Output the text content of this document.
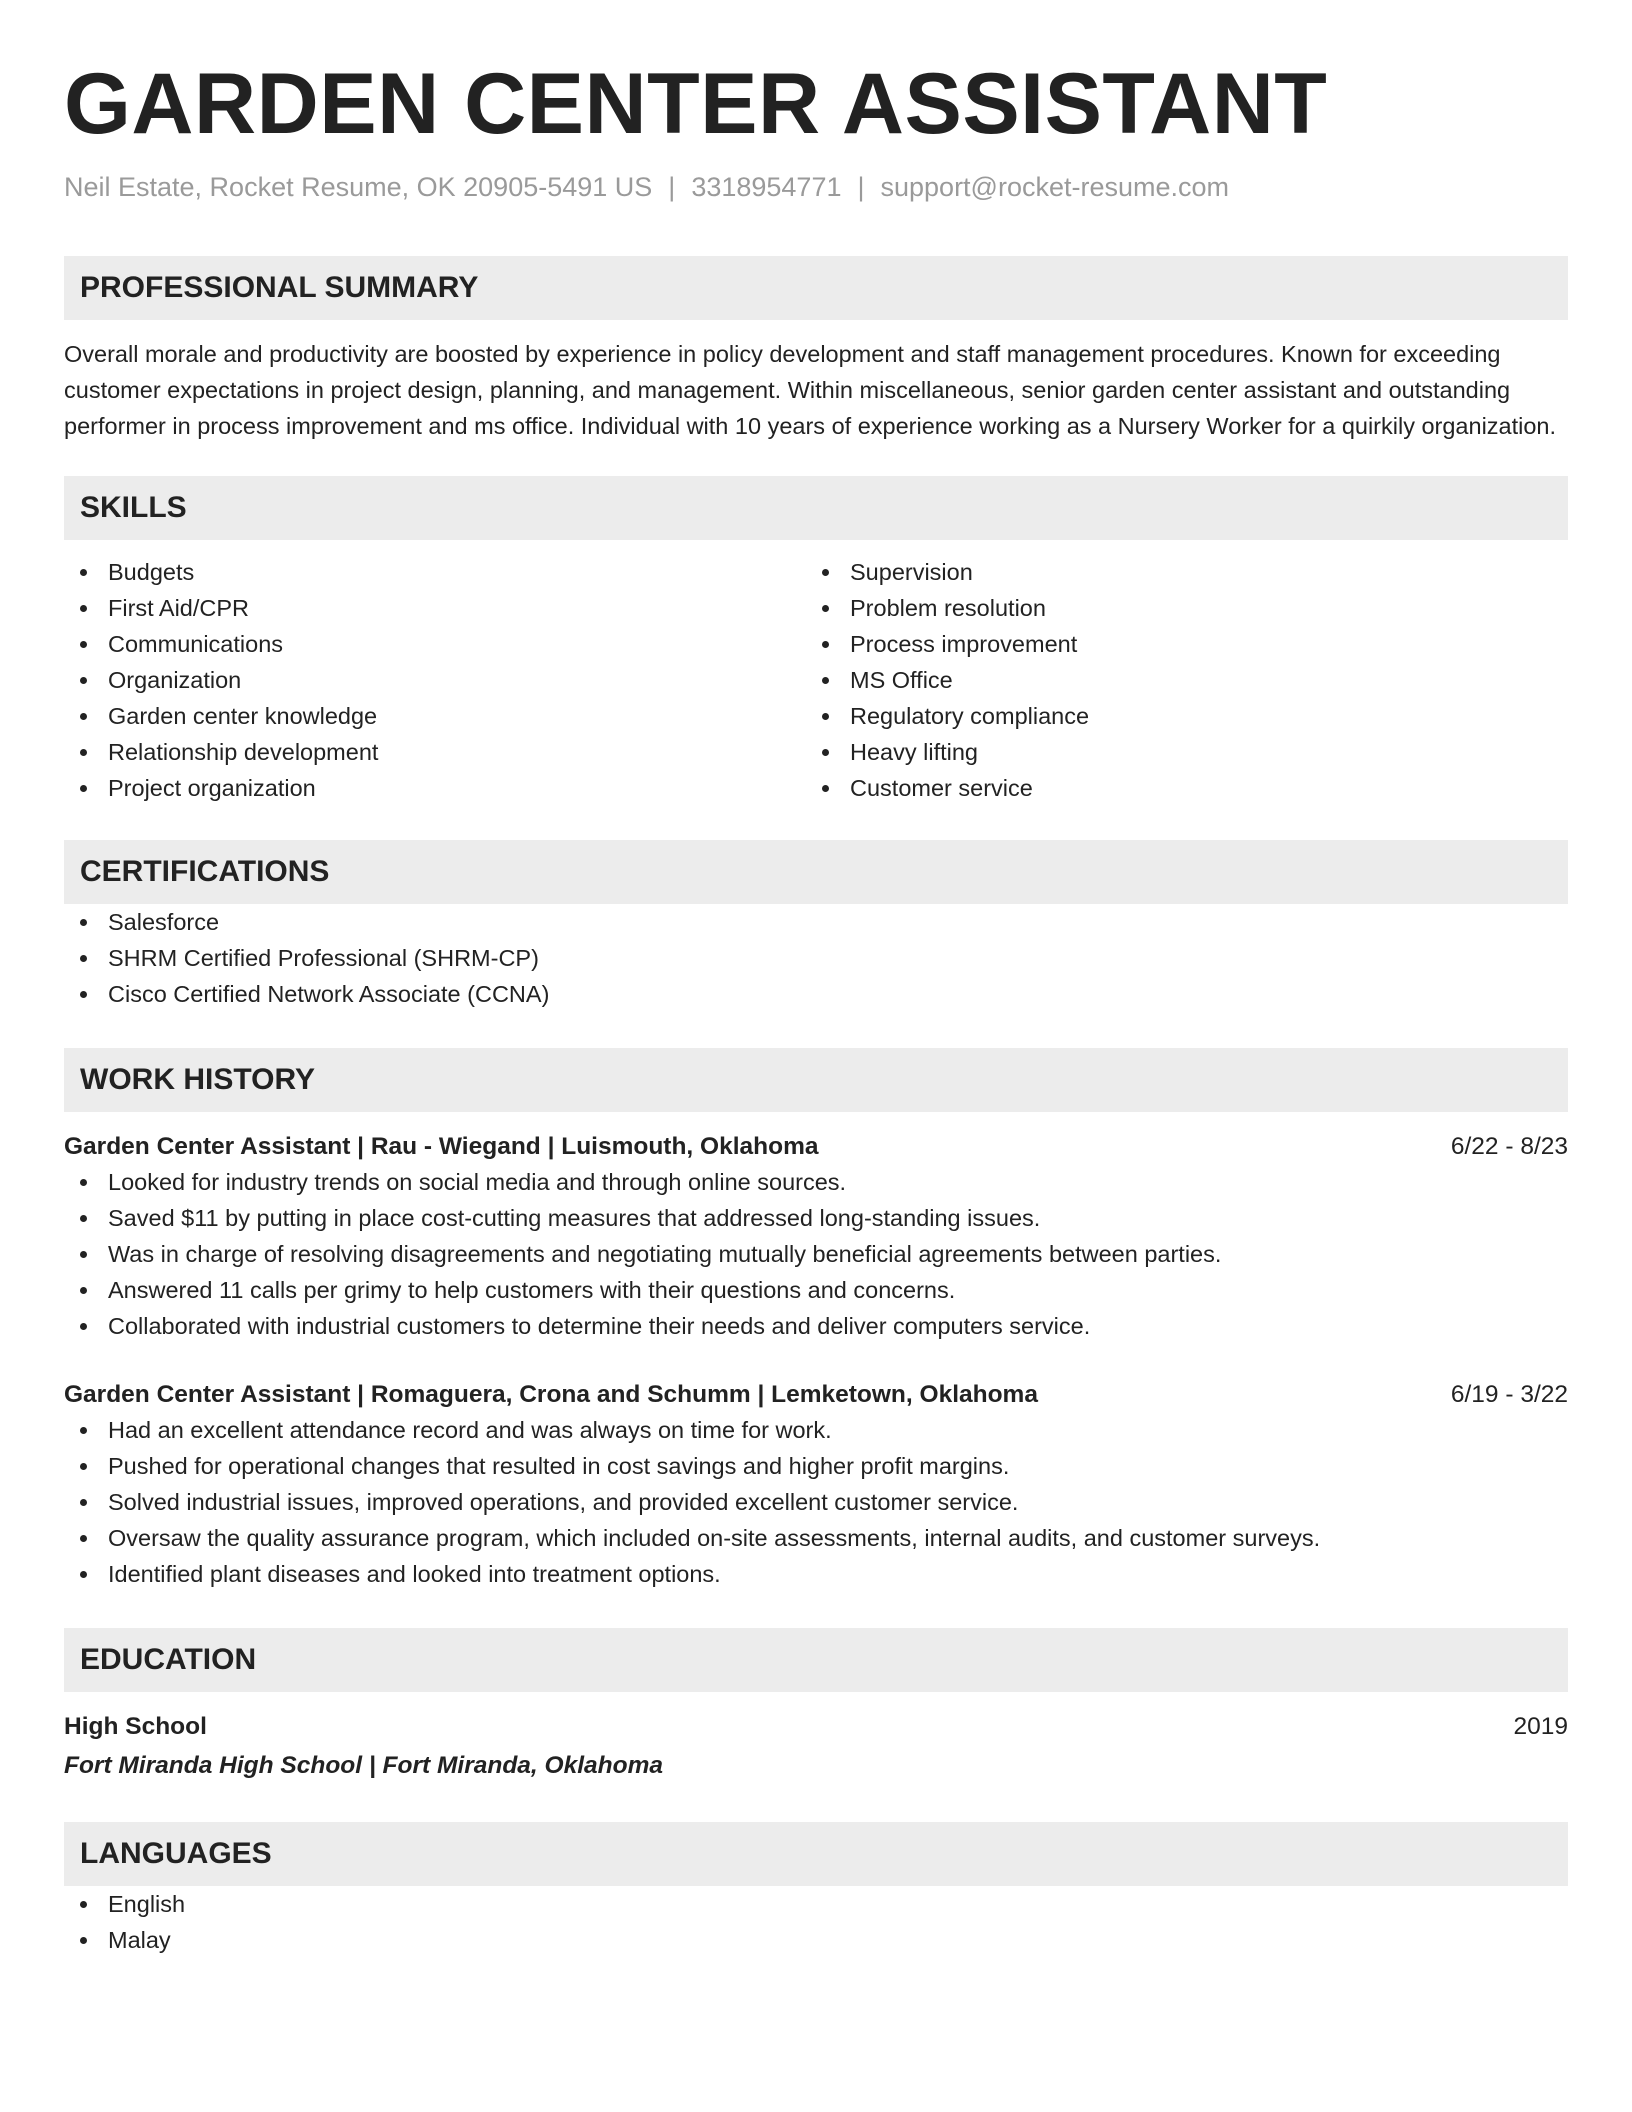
GARDEN CENTER ASSISTANT
Neil Estate, Rocket Resume, OK 20905-5491 US | 3318954771 | support@rocket-resume.com
PROFESSIONAL SUMMARY
Overall morale and productivity are boosted by experience in policy development and staff management procedures. Known for exceeding customer expectations in project design, planning, and management. Within miscellaneous, senior garden center assistant and outstanding performer in process improvement and ms office. Individual with 10 years of experience working as a Nursery Worker for a quirkily organization.
SKILLS
Budgets
First Aid/CPR
Communications
Organization
Garden center knowledge
Relationship development
Project organization
Supervision
Problem resolution
Process improvement
MS Office
Regulatory compliance
Heavy lifting
Customer service
CERTIFICATIONS
Salesforce
SHRM Certified Professional (SHRM-CP)
Cisco Certified Network Associate (CCNA)
WORK HISTORY
Garden Center Assistant | Rau - Wiegand | Luismouth, Oklahoma	6/22 - 8/23
Looked for industry trends on social media and through online sources.
Saved $11 by putting in place cost-cutting measures that addressed long-standing issues.
Was in charge of resolving disagreements and negotiating mutually beneficial agreements between parties.
Answered 11 calls per grimy to help customers with their questions and concerns.
Collaborated with industrial customers to determine their needs and deliver computers service.
Garden Center Assistant | Romaguera, Crona and Schumm | Lemketown, Oklahoma	6/19 - 3/22
Had an excellent attendance record and was always on time for work.
Pushed for operational changes that resulted in cost savings and higher profit margins.
Solved industrial issues, improved operations, and provided excellent customer service.
Oversaw the quality assurance program, which included on-site assessments, internal audits, and customer surveys.
Identified plant diseases and looked into treatment options.
EDUCATION
High School	2019
Fort Miranda High School | Fort Miranda, Oklahoma
LANGUAGES
English
Malay
